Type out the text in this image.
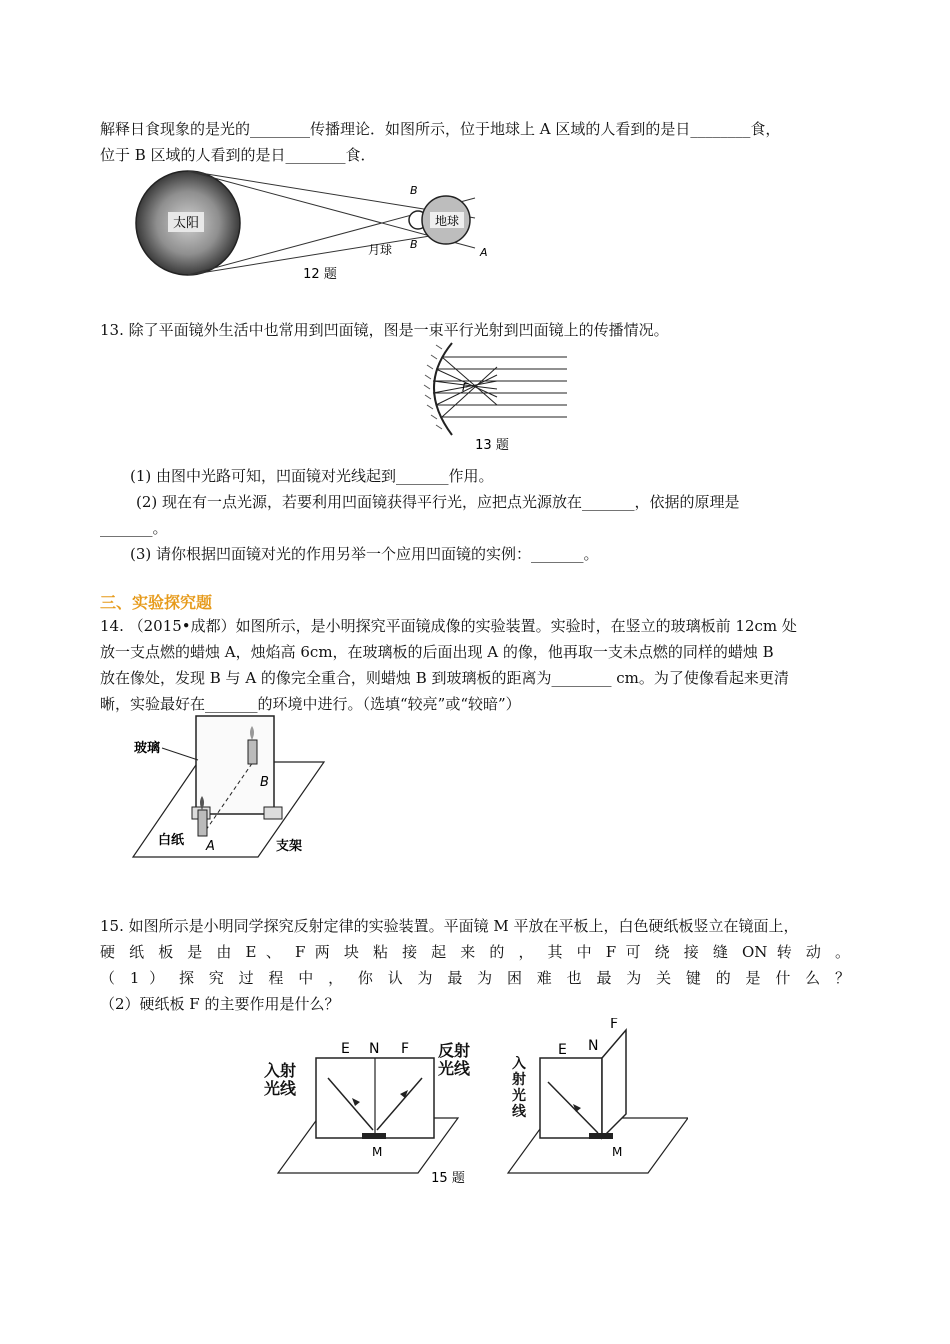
解释日食现象的是光的________传播理论．如图所示，位于地球上 A 区域的人看到的是日________食，
位于 B 区域的人看到的是日________食．
太阳	地球
B
B
A
月球
12 题
13. 除了平面镜外生活中也常用到凹面镜，图是一束平行光射到凹面镜上的传播情况。
F
13 题
(1) 由图中光路可知，凹面镜对光线起到_______作用。
(2) 现在有一点光源，若要利用凹面镜获得平行光，应把点光源放在_______，依据的原理是
_______。
(3) 请你根据凹面镜对光的作用另举一个应用凹面镜的实例：_______。
三、实验探究题
14. （2015•成都）如图所示，是小明探究平面镜成像的实验装置。实验时，在竖立的玻璃板前 12cm 处
放一支点燃的蜡烛 A，烛焰高 6cm，在玻璃板的后面出现 A 的像，他再取一支未点燃的同样的蜡烛 B
放在像处，发现 B 与 A 的像完全重合，则蜡烛 B 到玻璃板的距离为________ cm。为了使像看起来更清
晰，实验最好在_______的环境中进行。（选填“较亮”或“较暗”）
玻璃
白纸	支架
A
B
15. 如图所示是小明同学探究反射定律的实验装置。平面镜 M 平放在平板上，白色硬纸板竖立在镜面上，
硬 纸 板 是 由 E 、 F 两 块 粘 接 起 来 的 ， 其 中 F 可 绕 接 缝 ON 转 动 。
（ 1 ） 探 究 过 程 中 ， 你 认 为 最 为 困 难 也 最 为 关 键 的 是 什 么 ？
（2）硬纸板 F 的主要作用是什么？
E N F
M
入射光线
反射光线
E N
F
M
入射光线
15 题
